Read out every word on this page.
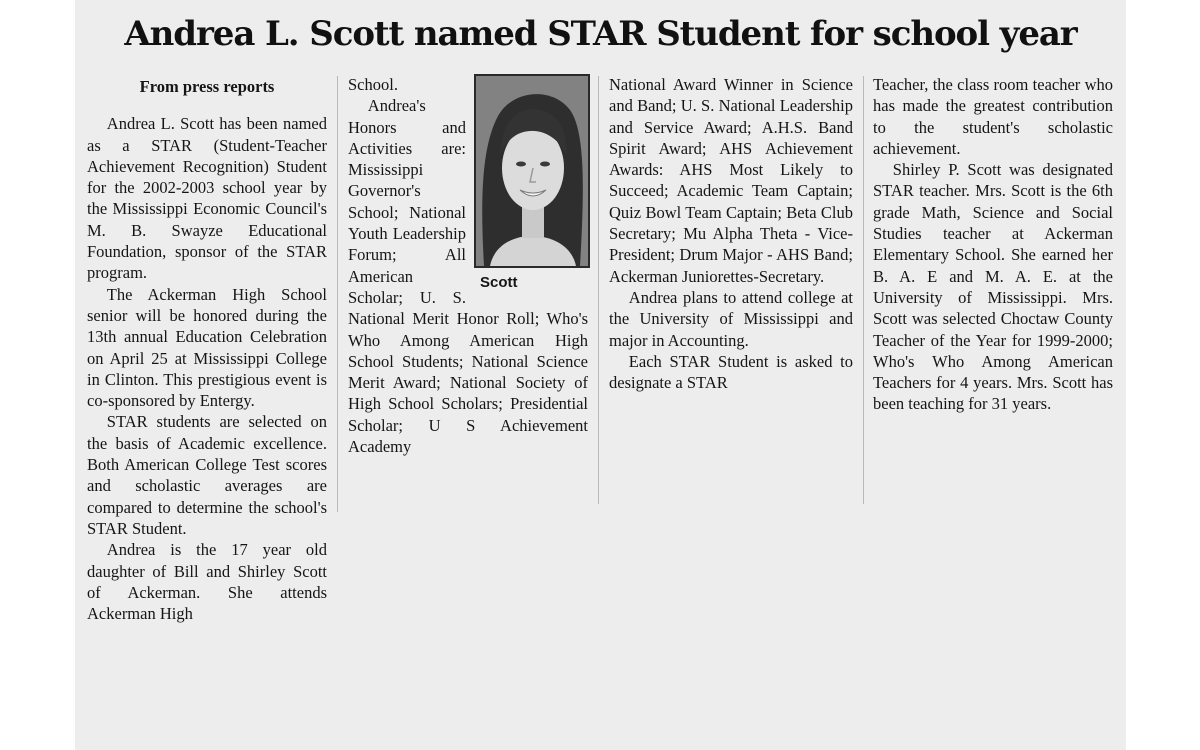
Andrea L. Scott named STAR Student for school year
From press reports

Andrea L. Scott has been named as a STAR (Student-Teacher Achievement Recognition) Student for the 2002-2003 school year by the Mississippi Economic Council's M. B. Swayze Educational Foundation, sponsor of the STAR program.

The Ackerman High School senior will be honored during the 13th annual Education Celebration on April 25 at Mississippi College in Clinton. This prestigious event is co-sponsored by Entergy.

STAR students are selected on the basis of Academic excellence. Both American College Test scores and scholastic averages are compared to determine the school's STAR Student.

Andrea is the 17 year old daughter of Bill and Shirley Scott of Ackerman. She attends Ackerman High

Scott

School.

Andrea's Honors and Activities are: Mississippi Governor's School; National Youth Leadership Forum; All American Scholar; U. S. National Merit Honor Roll; Who's Who Among American High School Students; National Science Merit Award; National Society of High School Scholars; Presidential Scholar; U S Achievement Academy

National Award Winner in Science and Band; U. S. National Leadership and Service Award; A.H.S. Band Spirit Award; AHS Achievement Awards: AHS Most Likely to Succeed; Academic Team Captain; Quiz Bowl Team Captain; Beta Club Secretary; Mu Alpha Theta - Vice-President; Drum Major - AHS Band; Ackerman Juniorettes-Secretary.

Andrea plans to attend college at the University of Mississippi and major in Accounting.

Each STAR Student is asked to designate a STAR

Teacher, the class room teacher who has made the greatest contribution to the student's scholastic achievement.

Shirley P. Scott was designated STAR teacher. Mrs. Scott is the 6th grade Math, Science and Social Studies teacher at Ackerman Elementary School. She earned her B. A. E and M. A. E. at the University of Mississippi. Mrs. Scott was selected Choctaw County Teacher of the Year for 1999-2000; Who's Who Among American Teachers for 4 years. Mrs. Scott has been teaching for 31 years.
